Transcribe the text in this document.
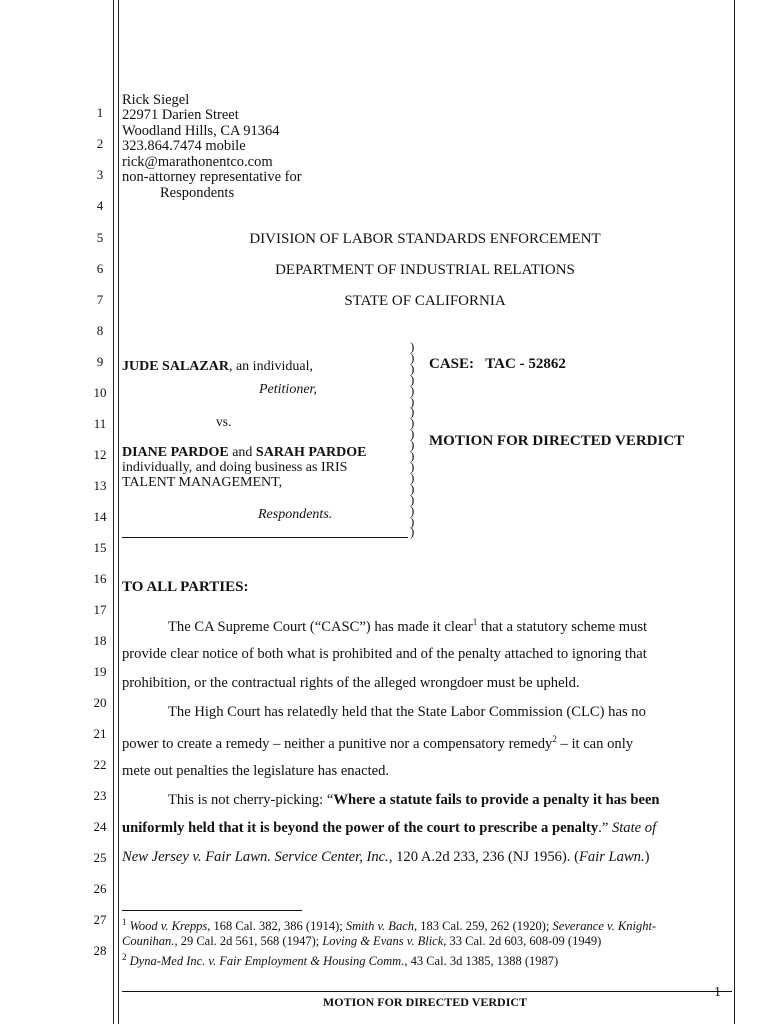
1
2
3
4
5
6
7
8
9
10
11
12
13
14
15
16
17
18
19
20
21
22
23
24
25
26
27
28
Rick Siegel
22971 Darien Street
Woodland Hills, CA 91364
323.864.7474 mobile
rick@marathonentco.com
non-attorney representative for
Respondents
DIVISION OF LABOR STANDARDS ENFORCEMENT
DEPARTMENT OF INDUSTRIAL RELATIONS
STATE OF CALIFORNIA
JUDE SALAZAR, an individual,
Petitioner,
vs.
DIANE PARDOE and SARAH PARDOE
individually, and doing business as IRIS
TALENT MANAGEMENT,
Respondents.
)
)
)
)
)
)
)
)
)
)
)
)
)
)
)
)
)
)
CASE: TAC - 52862
MOTION FOR DIRECTED VERDICT
TO ALL PARTIES:
The CA Supreme Court (“CASC”) has made it clear$^1$ that a statutory scheme must
provide clear notice of both what is prohibited and of the penalty attached to ignoring that
prohibition, or the contractual rights of the alleged wrongdoer must be upheld.
The High Court has relatedly held that the State Labor Commission (CLC) has no
power to create a remedy – neither a punitive nor a compensatory remedy$^2$ – it can only
mete out penalties the legislature has enacted.
This is not cherry-picking: “Where a statute fails to provide a penalty it has been
uniformly held that it is beyond the power of the court to prescribe a penalty.” State of
New Jersey v. Fair Lawn. Service Center, Inc., 120 A.2d 233, 236 (NJ 1956). (Fair Lawn.)
$^1$ Wood v. Krepps, 168 Cal. 382, 386 (1914); Smith v. Bach, 183 Cal. 259, 262 (1920); Severance v. Knight-
Counihan., 29 Cal. 2d 561, 568 (1947); Loving & Evans v. Blick, 33 Cal. 2d 603, 608-09 (1949)
$^2$ Dyna-Med Inc. v. Fair Employment & Housing Comm., 43 Cal. 3d 1385, 1388 (1987)
1
MOTION FOR DIRECTED VERDICT
